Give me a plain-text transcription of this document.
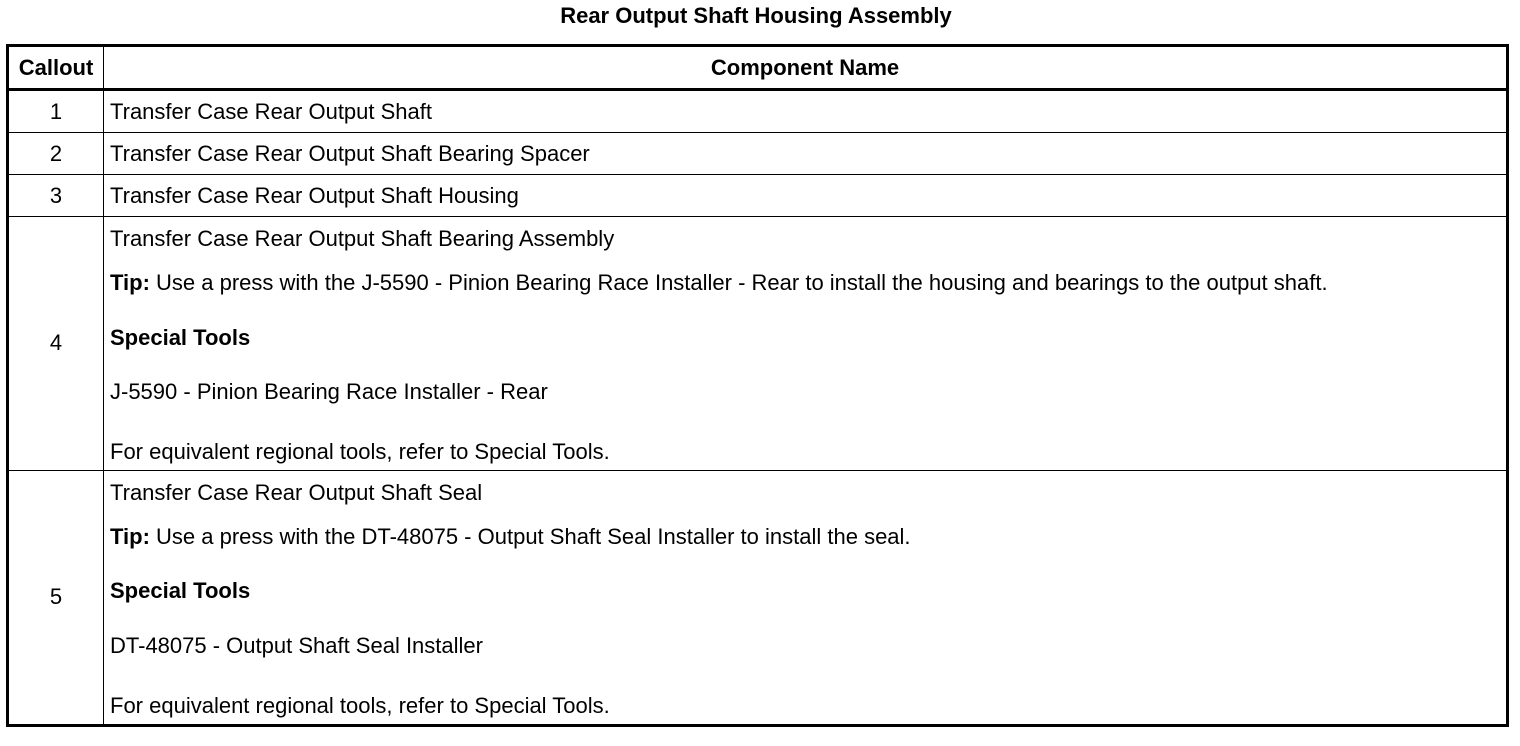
Rear Output Shaft Housing Assembly
Callout	Component Name
1	Transfer Case Rear Output Shaft
2	Transfer Case Rear Output Shaft Bearing Spacer
3	Transfer Case Rear Output Shaft Housing
4	Transfer Case Rear Output Shaft Bearing Assembly
Tip: Use a press with the J-5590 - Pinion Bearing Race Installer - Rear to install the housing and bearings to the output shaft.
Special Tools
J-5590 - Pinion Bearing Race Installer - Rear
For equivalent regional tools, refer to Special Tools.

5	Transfer Case Rear Output Shaft Seal
Tip: Use a press with the DT-48075 - Output Shaft Seal Installer to install the seal.
Special Tools
DT-48075 - Output Shaft Seal Installer
For equivalent regional tools, refer to Special Tools.
